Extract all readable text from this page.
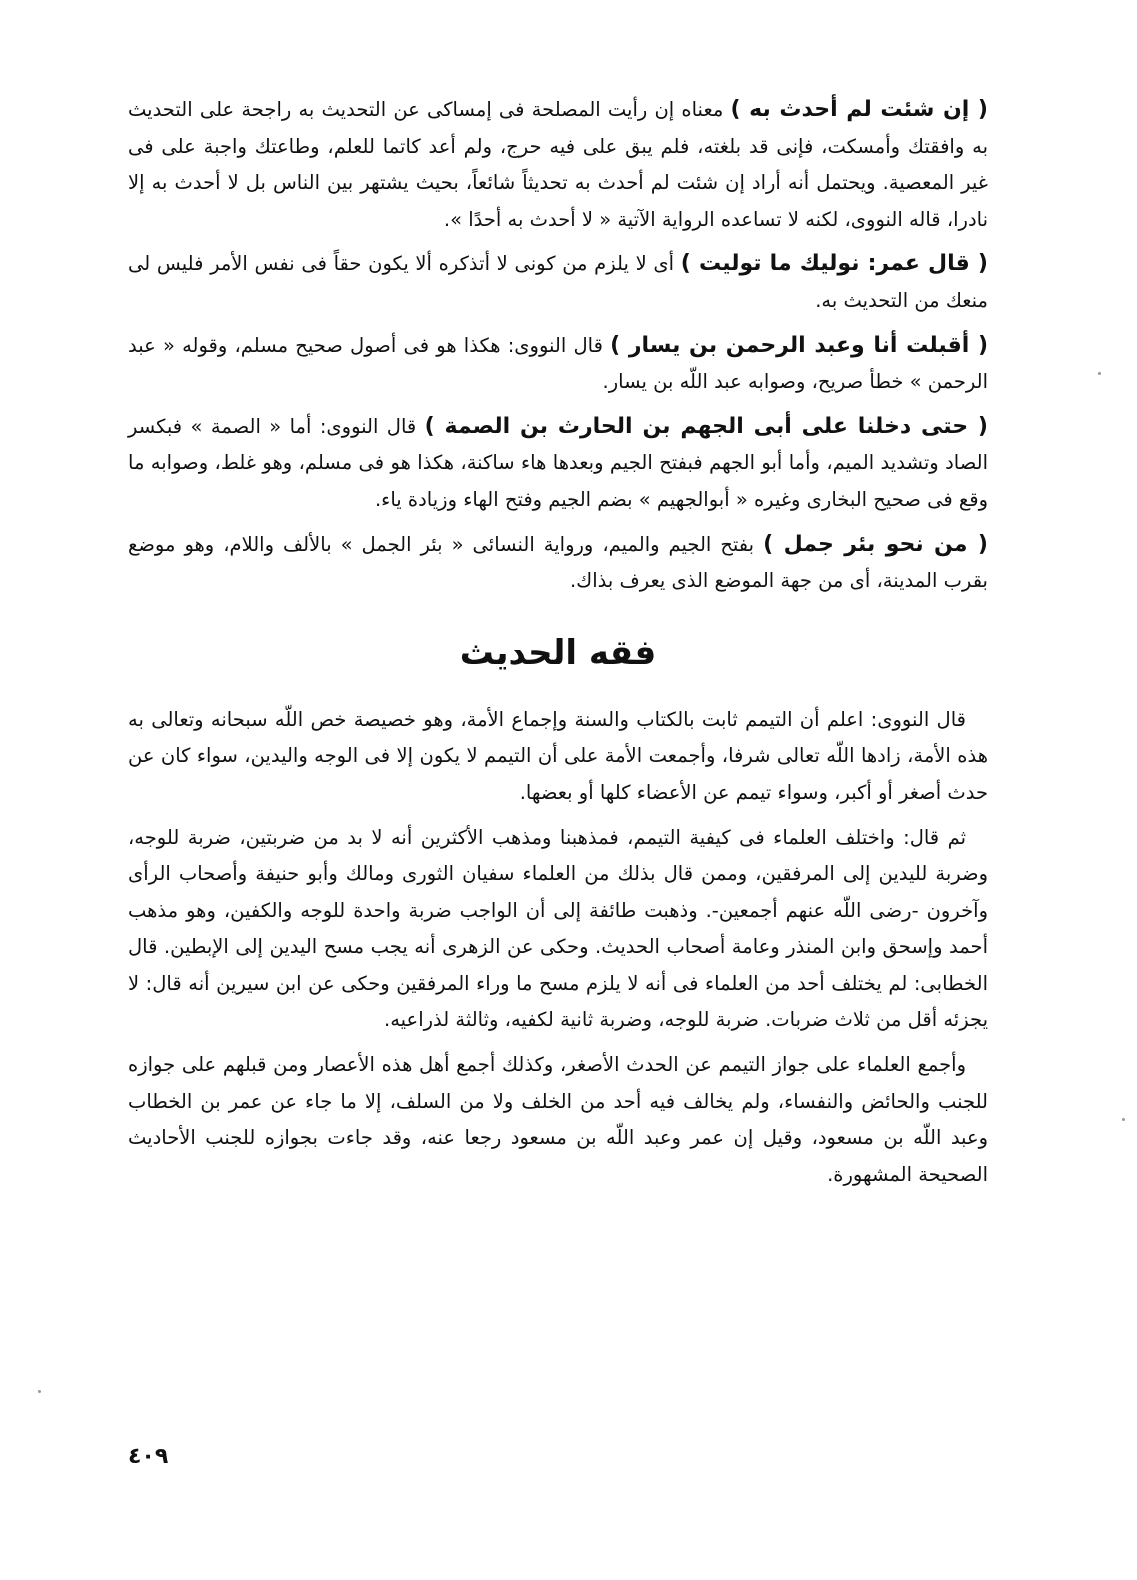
( إن شئت لم أحدث به ) معناه إن رأيت المصلحة فى إمساكى عن التحديث به راجحة على التحديث به وافقتك وأمسكت، فإنى قد بلغته، فلم يبق على فيه حرج، ولم أعد كاتما للعلم، وطاعتك واجبة على فى غير المعصية. ويحتمل أنه أراد إن شئت لم أحدث به تحديثاً شائعاً، بحيث يشتهر بين الناس بل لا أحدث به إلا نادرا، قاله النووى، لكنه لا تساعده الرواية الآتية « لا أحدث به أحدًا ».

( قال عمر: نوليك ما توليت ) أى لا يلزم من كونى لا أتذكره ألا يكون حقاً فى نفس الأمر فليس لى منعك من التحديث به.

( أقبلت أنا وعبد الرحمن بن يسار ) قال النووى: هكذا هو فى أصول صحيح مسلم، وقوله « عبد الرحمن » خطأ صريح، وصوابه عبد اللّه بن يسار.

( حتى دخلنا على أبى الجهم بن الحارث بن الصمة ) قال النووى: أما « الصمة » فبكسر الصاد وتشديد الميم، وأما أبو الجهم فبفتح الجيم وبعدها هاء ساكنة، هكذا هو فى مسلم، وهو غلط، وصوابه ما وقع فى صحيح البخارى وغيره « أبوالجهيم » بضم الجيم وفتح الهاء وزيادة ياء.

( من نحو بئر جمل ) بفتح الجيم والميم، ورواية النسائى « بئر الجمل » بالألف واللام، وهو موضع بقرب المدينة، أى من جهة الموضع الذى يعرف بذاك.

فقه الحديث

قال النووى: اعلم أن التيمم ثابت بالكتاب والسنة وإجماع الأمة، وهو خصيصة خص اللّه سبحانه وتعالى به هذه الأمة، زادها اللّه تعالى شرفا، وأجمعت الأمة على أن التيمم لا يكون إلا فى الوجه واليدين، سواء كان عن حدث أصغر أو أكبر، وسواء تيمم عن الأعضاء كلها أو بعضها.

ثم قال: واختلف العلماء فى كيفية التيمم، فمذهبنا ومذهب الأكثرين أنه لا بد من ضربتين، ضربة للوجه، وضربة لليدين إلى المرفقين، وممن قال بذلك من العلماء سفيان الثورى ومالك وأبو حنيفة وأصحاب الرأى وآخرون -رضى اللّه عنهم أجمعين-. وذهبت طائفة إلى أن الواجب ضربة واحدة للوجه والكفين، وهو مذهب أحمد وإسحق وابن المنذر وعامة أصحاب الحديث. وحكى عن الزهرى أنه يجب مسح اليدين إلى الإبطين. قال الخطابى: لم يختلف أحد من العلماء فى أنه لا يلزم مسح ما وراء المرفقين وحكى عن ابن سيرين أنه قال: لا يجزئه أقل من ثلاث ضربات. ضربة للوجه، وضربة ثانية لكفيه، وثالثة لذراعيه.

وأجمع العلماء على جواز التيمم عن الحدث الأصغر، وكذلك أجمع أهل هذه الأعصار ومن قبلهم على جوازه للجنب والحائض والنفساء، ولم يخالف فيه أحد من الخلف ولا من السلف، إلا ما جاء عن عمر بن الخطاب وعبد اللّه بن مسعود، وقيل إن عمر وعبد اللّه بن مسعود رجعا عنه، وقد جاءت بجوازه للجنب الأحاديث الصحيحة المشهورة.

٤٠٩
